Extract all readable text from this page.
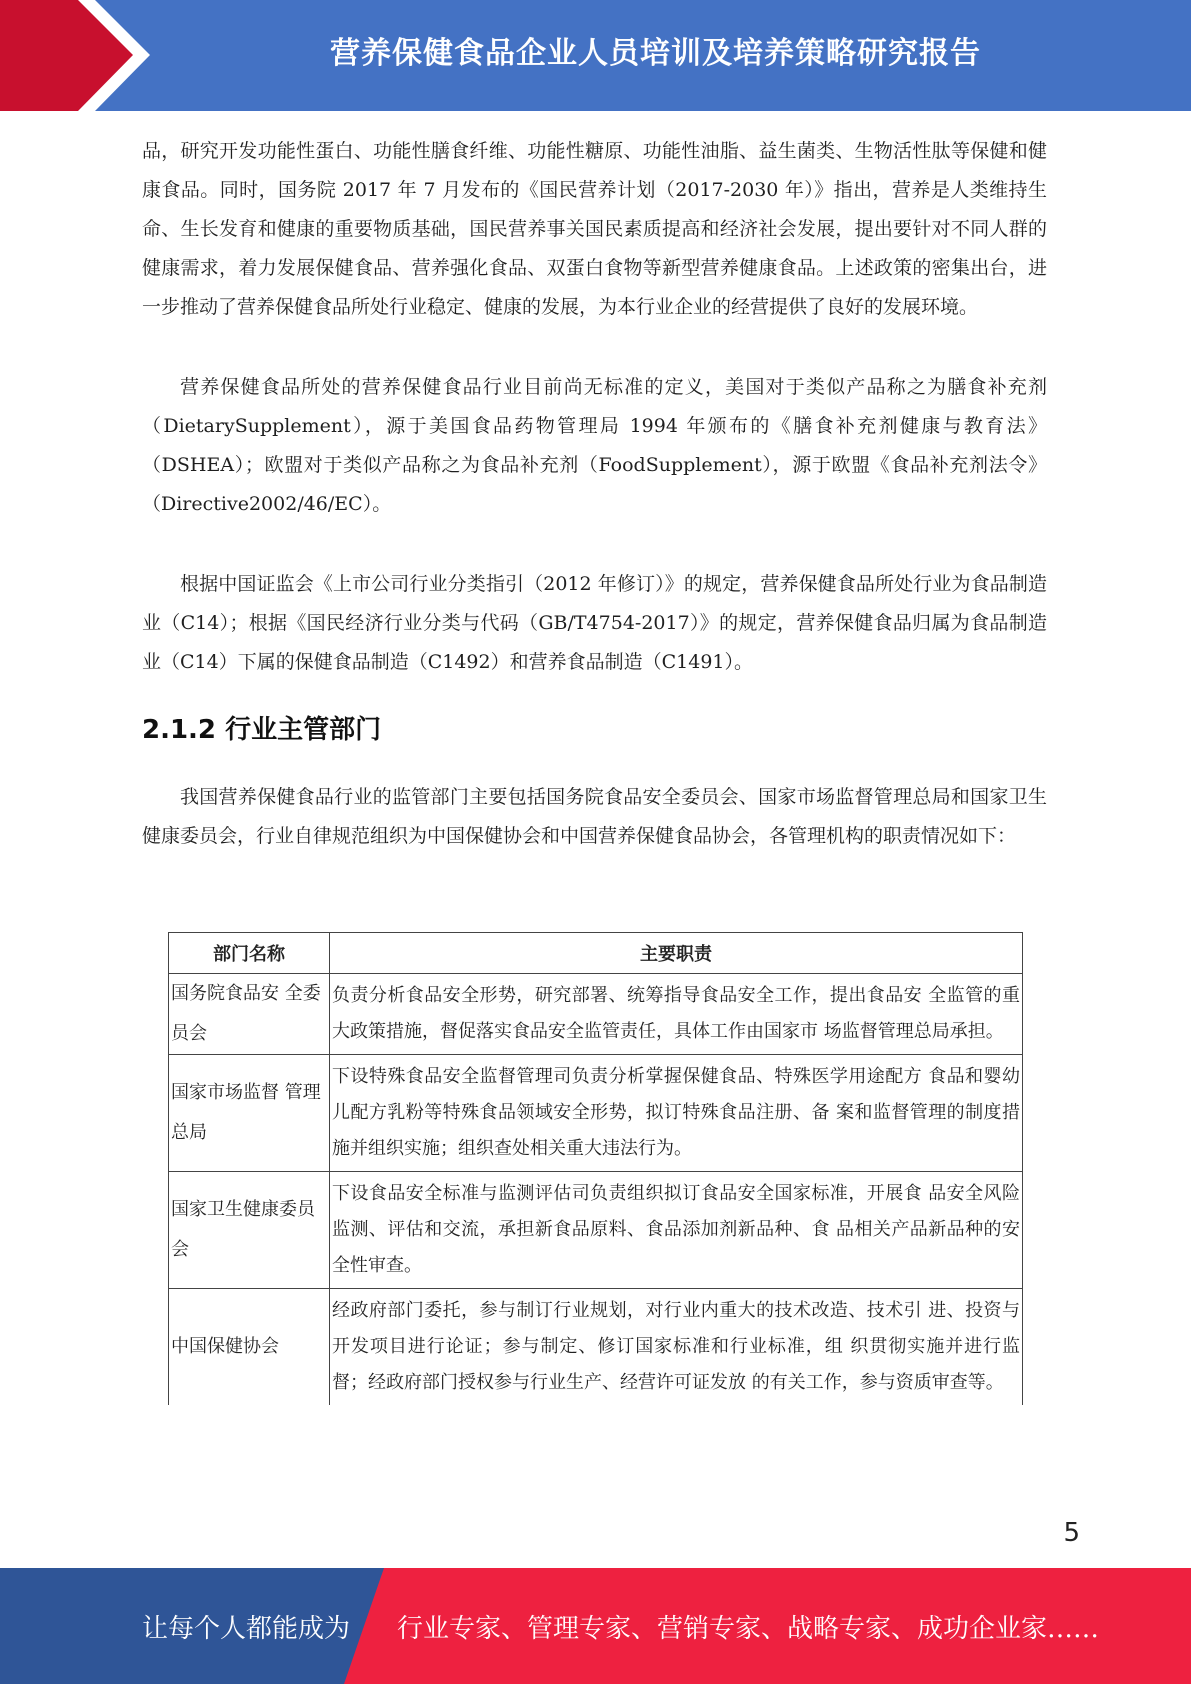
营养保健食品企业人员培训及培养策略研究报告

品，研究开发功能性蛋白、功能性膳食纤维、功能性糖原、功能性油脂、益生菌类、生物活性肽等保健和健康食品。同时，国务院 2017 年 7 月发布的《国民营养计划（2017-2030 年）》指出，营养是人类维持生命、生长发育和健康的重要物质基础，国民营养事关国民素质提高和经济社会发展，提出要针对不同人群的健康需求，着力发展保健食品、营养强化食品、双蛋白食物等新型营养健康食品。上述政策的密集出台，进一步推动了营养保健食品所处行业稳定、健康的发展，为本行业企业的经营提供了良好的发展环境。

营养保健食品所处的营养保健食品行业目前尚无标准的定义，美国对于类似产品称之为膳食补充剂（DietarySupplement），源于美国食品药物管理局 1994 年颁布的《膳食补充剂健康与教育法》（DSHEA）；欧盟对于类似产品称之为食品补充剂（FoodSupplement），源于欧盟《食品补充剂法令》（Directive2002/46/EC）。

根据中国证监会《上市公司行业分类指引（2012 年修订）》的规定，营养保健食品所处行业为食品制造业（C14）；根据《国民经济行业分类与代码（GB/T4754-2017）》的规定，营养保健食品归属为食品制造业（C14）下属的保健食品制造（C1492）和营养食品制造（C1491）。

2.1.2 行业主管部门

我国营养保健食品行业的监管部门主要包括国务院食品安全委员会、国家市场监督管理总局和国家卫生健康委员会，行业自律规范组织为中国保健协会和中国营养保健食品协会，各管理机构的职责情况如下：

部门名称	主要职责
国务院食品安 全委员会	负责分析食品安全形势，研究部署、统筹指导食品安全工作，提出食品安 全监管的重大政策措施，督促落实食品安全监管责任，具体工作由国家市 场监督管理总局承担。
国家市场监督 管理总局	下设特殊食品安全监督管理司负责分析掌握保健食品、特殊医学用途配方 食品和婴幼儿配方乳粉等特殊食品领域安全形势，拟订特殊食品注册、备 案和监督管理的制度措施并组织实施；组织查处相关重大违法行为。
国家卫生健康委员会	下设食品安全标准与监测评估司负责组织拟订食品安全国家标准，开展食 品安全风险监测、评估和交流，承担新食品原料、食品添加剂新品种、食 品相关产品新品种的安全性审查。
中国保健协会	经政府部门委托，参与制订行业规划，对行业内重大的技术改造、技术引 进、投资与开发项目进行论证；参与制定、修订国家标准和行业标准，组 织贯彻实施并进行监督；经政府部门授权参与行业生产、经营许可证发放 的有关工作，参与资质审查等。
5
让每个人都能成为 行业专家、管理专家、营销专家、战略专家、成功企业家……
